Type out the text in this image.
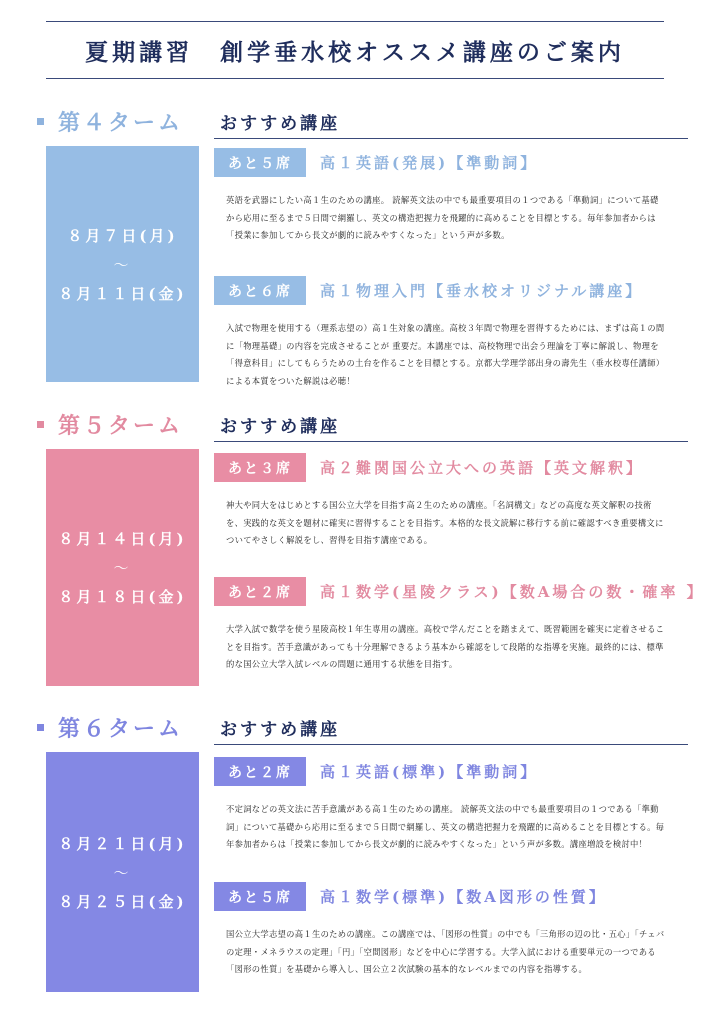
夏期講習　創学垂水校オススメ講座のご案内
第４ターム おすすめ講座
８月７日(月)
〜
８月１１日(金)
あと５席	高１英語(発展)【準動詞】

英語を武器にしたい高１生のための講座。 読解英文法の中でも最重要項目の１つである「準動詞」について基礎から応用に至るまで５日間で網羅し、英文の構造把握力を飛躍的に高めることを目標とする。毎年参加者からは「授業に参加してから長文が劇的に読みやすくなった」という声が多数。

あと６席	高１物理入門【垂水校オリジナル講座】

入試で物理を使用する（理系志望の）高１生対象の講座。高校３年間で物理を習得するためには、まずは高１の間に「物理基礎」の内容を完成させることが 重要だ。本講座では、高校物理で出会う理論を丁寧に解説し、物理を「得意科目」にしてもらうための土台を作ることを目標とする。京都大学理学部出身の壽先生（垂水校専任講師）による本質をついた解説は必聴！

第５ターム おすすめ講座
８月１４日(月)
〜
８月１８日(金)
あと３席	高２難関国公立大への英語【英文解釈】

神大や同大をはじめとする国公立大学を目指す高２生のための講座。「名詞構文」などの高度な英文解釈の技術を、実践的な英文を題材に確実に習得することを目指す。本格的な長文読解に移行する前に確認すべき重要構文についてやさしく解説をし、習得を目指す講座である。

あと２席	高１数学(星陵クラス)【数A場合の数・確率 】

大学入試で数学を使う星陵高校１年生専用の講座。高校で学んだことを踏まえて、既習範囲を確実に定着させることを目指す。苦手意識があっても十分理解できるよう基本から確認をして段階的な指導を実施。最終的には、標準的な国公立大学入試レベルの問題に通用する状態を目指す。

第６ターム おすすめ講座
８月２１日(月)
〜
８月２５日(金)
あと２席	高１英語(標準)【準動詞】

不定詞などの英文法に苦手意識がある高１生のための講座。 読解英文法の中でも最重要項目の１つである「準動詞」について基礎から応用に至るまで５日間で網羅し、英文の構造把握力を飛躍的に高めることを目標とする。毎年参加者からは「授業に参加してから長文が劇的に読みやすくなった」という声が多数。講座増設を検討中！

あと５席	高１数学(標準)【数A図形の性質】

国公立大学志望の高１生のための講座。この講座では、「図形の性質」の中でも「三角形の辺の比・五心」「チェバの定理・メネラウスの定理」「円」「空間図形」などを中心に学習する。大学入試における重要単元の一つである「図形の性質」を基礎から導入し、国公立２次試験の基本的なレベルまでの内容を指導する。
